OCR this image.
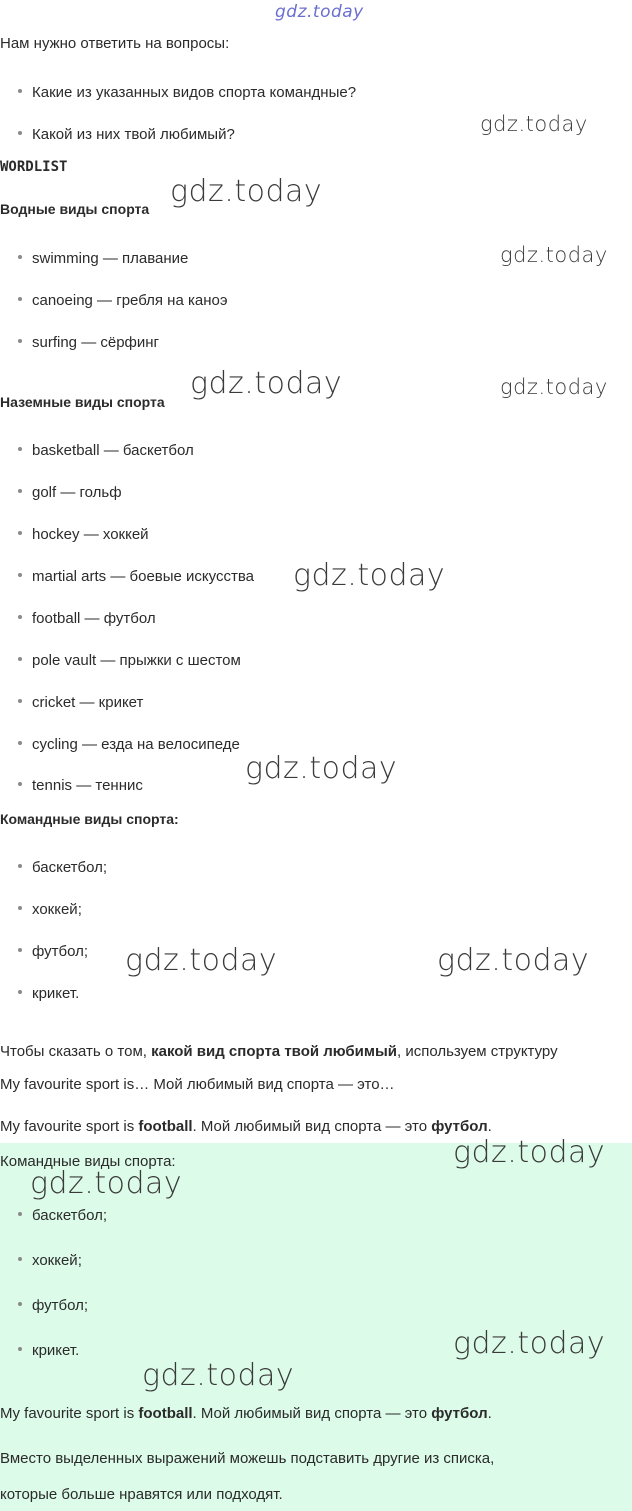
gdz.today
Нам нужно ответить на вопросы:
Какие из указанных видов спорта командные?
Какой из них твой любимый?	gdz.today
WORDLIST
Водные виды спорта gdz.today
swimming — плавание	gdz.today
canoeing — гребля на каноэ
surfing — сёрфинг
Наземные виды спорта
gdz.today	gdz.today
basketball — баскетбол
golf — гольф
hockey — хоккей
martial arts — боевые искусства gdz.today
football — футбол
pole vault — прыжки с шестом
cricket — крикет
cycling — езда на велосипеде
gdz.today
tennis — теннис
Командные виды спорта:
баскетбол;
хоккей;
футбол; gdz.today	gdz.today
крикет.
Чтобы сказать о том, какой вид спорта твой любимый, используем структуру
My favourite sport is… Мой любимый вид спорта — это…
My favourite sport is football. Мой любимый вид спорта — это футбол.
Командные виды спорта:	gdz.today
gdz.today
баскетбол;
хоккей;
футбол;
крикет.	gdz.today
gdz.today
My favourite sport is football. Мой любимый вид спорта — это футбол.
Вместо выделенных выражений можешь подставить другие из списка,
которые больше нравятся или подходят.
